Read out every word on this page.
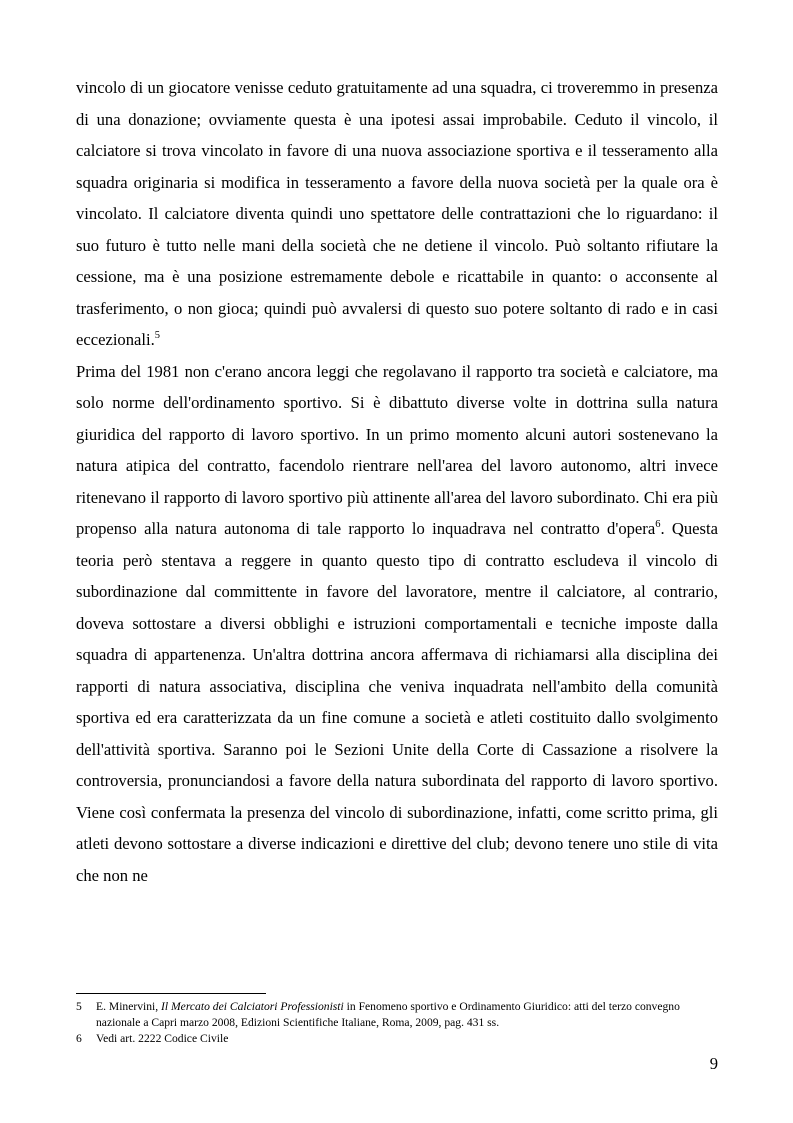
vincolo di un giocatore venisse ceduto gratuitamente ad una squadra, ci troveremmo in presenza di una donazione; ovviamente questa è una ipotesi assai improbabile. Ceduto il vincolo, il calciatore si trova vincolato in favore di una nuova associazione sportiva e il tesseramento alla squadra originaria si modifica in tesseramento a favore della nuova società per la quale ora è vincolato. Il calciatore diventa quindi uno spettatore delle contrattazioni che lo riguardano: il suo futuro è tutto nelle mani della società che ne detiene il vincolo. Può soltanto rifiutare la cessione, ma è una posizione estremamente debole e ricattabile in quanto: o acconsente al trasferimento, o non gioca; quindi può avvalersi di questo suo potere soltanto di rado e in casi eccezionali.$^5$

Prima del 1981 non c'erano ancora leggi che regolavano il rapporto tra società e calciatore, ma solo norme dell'ordinamento sportivo. Si è dibattuto diverse volte in dottrina sulla natura giuridica del rapporto di lavoro sportivo. In un primo momento alcuni autori sostenevano la natura atipica del contratto, facendolo rientrare nell'area del lavoro autonomo, altri invece ritenevano il rapporto di lavoro sportivo più attinente all'area del lavoro subordinato. Chi era più propenso alla natura autonoma di tale rapporto lo inquadrava nel contratto d'opera$^6$. Questa teoria però stentava a reggere in quanto questo tipo di contratto escludeva il vincolo di subordinazione dal committente in favore del lavoratore, mentre il calciatore, al contrario, doveva sottostare a diversi obblighi e istruzioni comportamentali e tecniche imposte dalla squadra di appartenenza. Un'altra dottrina ancora affermava di richiamarsi alla disciplina dei rapporti di natura associativa, disciplina che veniva inquadrata nell'ambito della comunità sportiva ed era caratterizzata da un fine comune a società e atleti costituito dallo svolgimento dell'attività sportiva. Saranno poi le Sezioni Unite della Corte di Cassazione a risolvere la controversia, pronunciandosi a favore della natura subordinata del rapporto di lavoro sportivo. Viene così confermata la presenza del vincolo di subordinazione, infatti, come scritto prima, gli atleti devono sottostare a diverse indicazioni e direttive del club; devono tenere uno stile di vita che non ne

5 E. Minervini, Il Mercato dei Calciatori Professionisti in Fenomeno sportivo e Ordinamento Giuridico: atti del terzo convegno nazionale a Capri marzo 2008, Edizioni Scientifiche Italiane, Roma, 2009, pag. 431 ss.

6 Vedi art. 2222 Codice Civile

9
